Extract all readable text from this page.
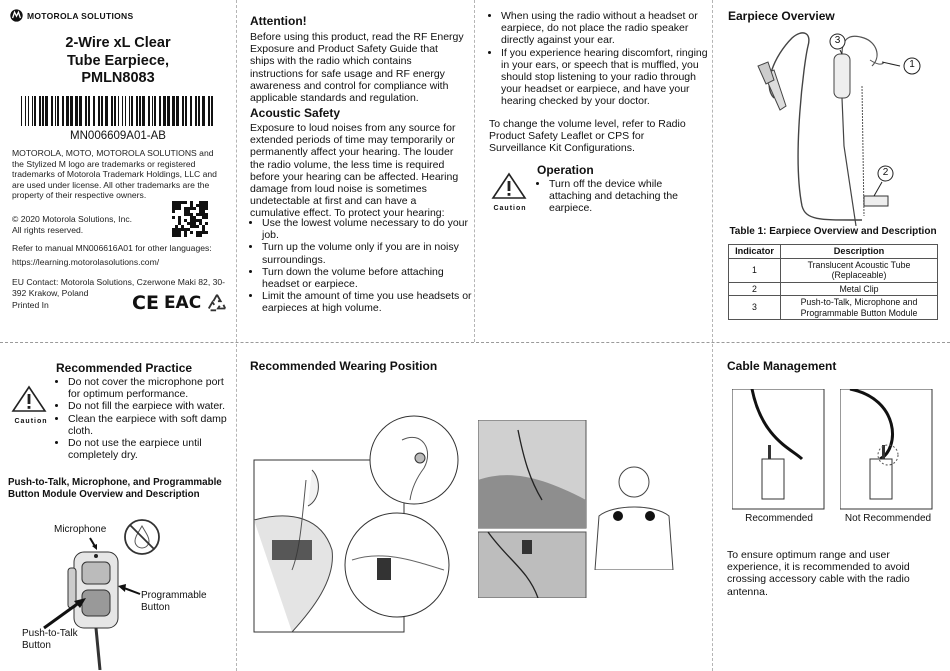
MOTOROLA SOLUTIONS
2-Wire xL Clear
Tube Earpiece,
PMLN8083
MN006609A01-AB
MOTOROLA, MOTO, MOTOROLA SOLUTIONS and the Stylized M logo are trademarks or registered trademarks of Motorola Trademark Holdings, LLC and are used under license. All other trademarks are the property of their respective owners.
© 2020 Motorola Solutions, Inc.
All rights reserved.
Refer to manual MN006616A01 for other languages:
https://learning.motorolasolutions.com/
EU Contact: Motorola Solutions, Czerwone Maki 82, 30-392 Krakow, Poland
Printed In	CE EAC
Attention!
Before using this product, read the RF Energy Exposure and Product Safety Guide that ships with the radio which contains instructions for safe usage and RF energy awareness and control for compliance with applicable standards and regulation.
Acoustic Safety
Exposure to loud noises from any source for extended periods of time may temporarily or permanently affect your hearing. The louder the radio volume, the less time is required before your hearing can be affected. Hearing damage from loud noise is sometimes undetectable at first and can have a cumulative effect. To protect your hearing:
• Use the lowest volume necessary to do your job.
• Turn up the volume only if you are in noisy surroundings.
• Turn down the volume before attaching headset or earpiece.
• Limit the amount of time you use headsets or earpieces at high volume.
• When using the radio without a headset or earpiece, do not place the radio speaker directly against your ear.
• If you experience hearing discomfort, ringing in your ears, or speech that is muffled, you should stop listening to your radio through your headset or earpiece, and have your hearing checked by your doctor.
To change the volume level, refer to Radio Product Safety Leaflet or CPS for Surveillance Kit Configurations.
Caution
Operation
• Turn off the device while attaching and detaching the earpiece.
Earpiece Overview
3
1
2
Table 1: Earpiece Overview and Description
Indicator	Description
1	Translucent Acoustic Tube (Replaceable)
2	Metal Clip
3	Push-to-Talk, Microphone and Programmable Button Module
Recommended Practice
Caution
• Do not cover the microphone port for optimum performance.
• Do not fill the earpiece with water.
• Clean the earpiece with soft damp cloth.
• Do not use the earpiece until completely dry.
Push-to-Talk, Microphone, and Programmable Button Module Overview and Description
Microphone
Programmable Button
Push-to-Talk Button
Recommended Wearing Position	Cable Management
Recommended	Not Recommended
To ensure optimum range and user experience, it is recommended to avoid crossing accessory cable with the radio antenna.
